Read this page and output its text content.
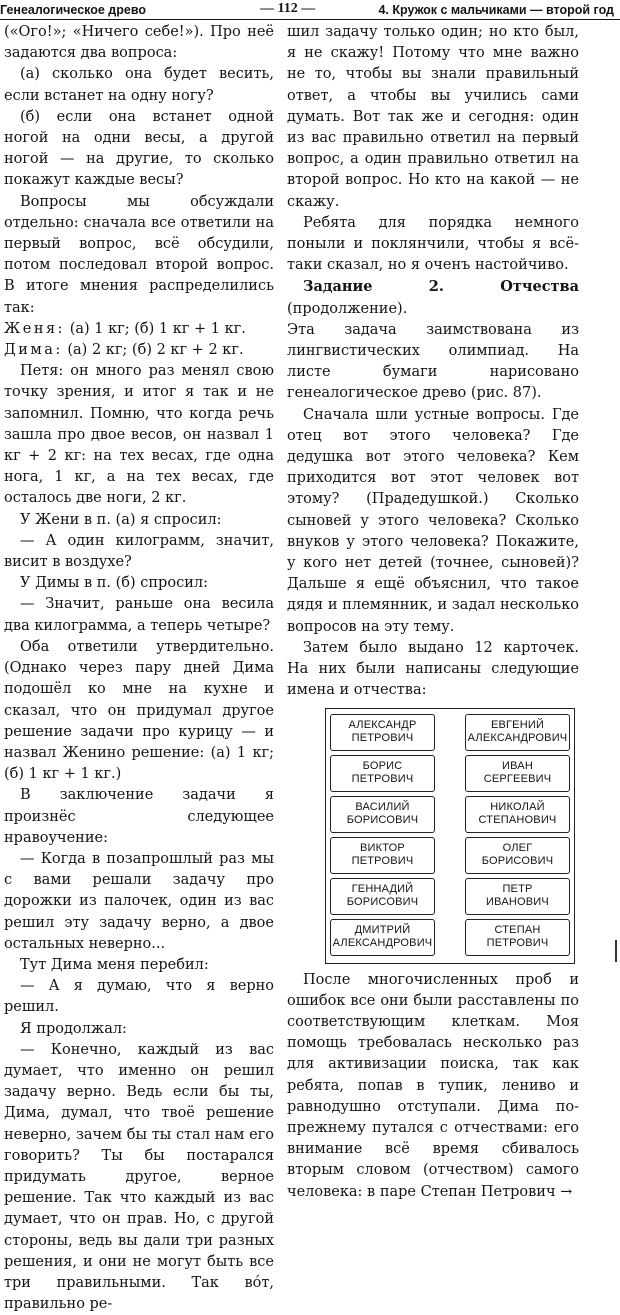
Генеалогическое древо	— 112 —	4. Кружок с мальчиками — второй год

(«Ого!»; «Ничего себе!»). Про неё задаются два вопроса:

(а) сколько она будет весить, если встанет на одну ногу?

(б) если она встанет одной ногой на одни весы, а другой ногой — на другие, то сколько покажут каждые весы?

Вопросы мы обсуждали отдельно: сначала все ответили на первый вопрос, всё обсудили, потом последовал второй вопрос. В итоге мнения распределились так:

Женя: (а) 1 кг; (б) 1 кг + 1 кг.

Дима: (а) 2 кг; (б) 2 кг + 2 кг.

Петя: он много раз менял свою точку зрения, и итог я так и не запомнил. Помню, что когда речь зашла про двое весов, он назвал 1 кг + 2 кг: на тех весах, где одна нога, 1 кг, а на тех весах, где осталось две ноги, 2 кг.

У Жени в п. (а) я спросил:

— А один килограмм, значит, висит в воздухе?

У Димы в п. (б) спросил:

— Значит, раньше она весила два килограмма, а теперь четыре?

Оба ответили утвердительно. (Однако через пару дней Дима подошёл ко мне на кухне и сказал, что он придумал другое решение задачи про курицу — и назвал Женино решение: (а) 1 кг; (б) 1 кг + 1 кг.)

В заключение задачи я произнёс следующее нравоучение:

— Когда в позапрошлый раз мы с вами решали задачу про дорожки из палочек, один из вас решил эту задачу верно, а двое остальных неверно...

Тут Дима меня перебил:

— А я думаю, что я верно решил.

Я продолжал:

— Конечно, каждый из вас думает, что именно он решил задачу верно. Ведь если бы ты, Дима, думал, что твоё решение неверно, зачем бы ты стал нам его говорить? Ты бы постарался придумать другое, верное решение. Так что каждый из вас думает, что он прав. Но, с другой стороны, ведь вы дали три разных решения, и они не могут быть все три правильными. Так вóт, правильно ре-

шил задачу только один; но кто был, я не скажу! Потому что мне важно не то, чтобы вы знали правильный ответ, а чтобы вы учились сами думать. Вот так же и сегодня: один из вас правильно ответил на первый вопрос, а один правильно ответил на второй вопрос. Но кто на какой — не скажу.

Ребята для порядка немного поныли и поклянчили, чтобы я всё-таки сказал, но я оченъ настойчиво.

Задание 2. Отчества (продолжение).

Эта задача заимствована из лингвистических олимпиад. На листе бумаги нарисовано генеалогическое древо (рис. 87).

Сначала шли устные вопросы. Где отец вот этого человека? Где дедушка вот этого человека? Кем приходится вот этот человек вот этому? (Прадедушкой.) Сколько сыновей у этого человека? Сколько внуков у этого человека? Покажите, у кого нет детей (точнее, сыновей)? Дальше я ещё объяснил, что такое дядя и племянник, и задал несколько вопросов на эту тему.

Затем было выдано 12 карточек. На них были написаны следующие имена и отчества:

АЛЕКСАНДР
ПЕТРОВИЧ
ЕВГЕНИЙ
АЛЕКСАНДРОВИЧ
БОРИС
ПЕТРОВИЧ
ИВАН
СЕРГЕЕВИЧ
ВАСИЛИЙ
БОРИСОВИЧ
НИКОЛАЙ
СТЕПАНОВИЧ
ВИКТОР
ПЕТРОВИЧ
ОЛЕГ
БОРИСОВИЧ
ГЕННАДИЙ
БОРИСОВИЧ
ПЕТР
ИВАНОВИЧ
ДМИТРИЙ
АЛЕКСАНДРОВИЧ
СТЕПАН
ПЕТРОВИЧ

После многочисленных проб и ошибок все они были расставлены по соответствующим клеткам. Моя помощь требовалась несколько раз для активизации поиска, так как ребята, попав в тупик, лениво и равнодушно отступали. Дима по-прежнему путался с отчествами: его внимание всё время сбивалось вторым словом (отчеством) самого человека: в паре Степан Петрович →
